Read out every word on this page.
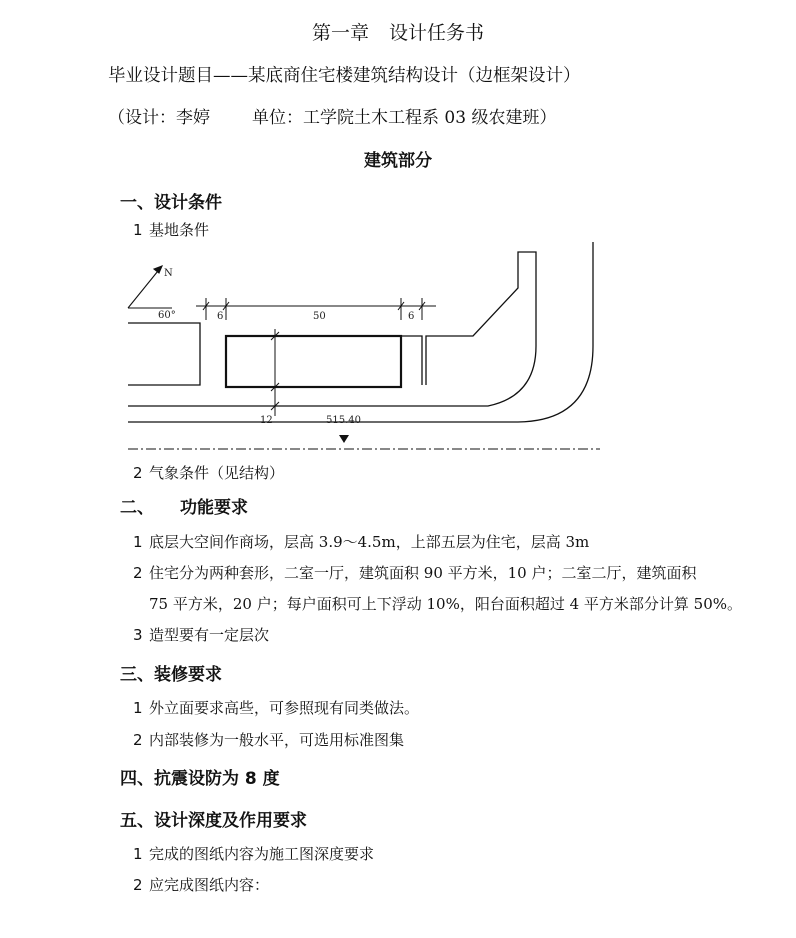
第一章 设计任务书
毕业设计题目——某底商住宅楼建筑结构设计（边框架设计）
（设计：李婷 单位：工学院土木工程系 03 级农建班）
建筑部分
一、设计条件
1 基地条件
N
60°	6	50	6
12	515.40
2 气象条件（见结构）
二、 功能要求
1 底层大空间作商场，层高 3.9～4.5m，上部五层为住宅，层高 3m
2 住宅分为两种套形，二室一厅，建筑面积 90 平方米，10 户；二室二厅，建筑面积
75 平方米，20 户；每户面积可上下浮动 10%，阳台面积超过 4 平方米部分计算 50%。
3 造型要有一定层次
三、装修要求
1 外立面要求高些，可参照现有同类做法。
2 内部装修为一般水平，可选用标准图集
四、抗震设防为 8 度
五、设计深度及作用要求
1 完成的图纸内容为施工图深度要求
2 应完成图纸内容：
